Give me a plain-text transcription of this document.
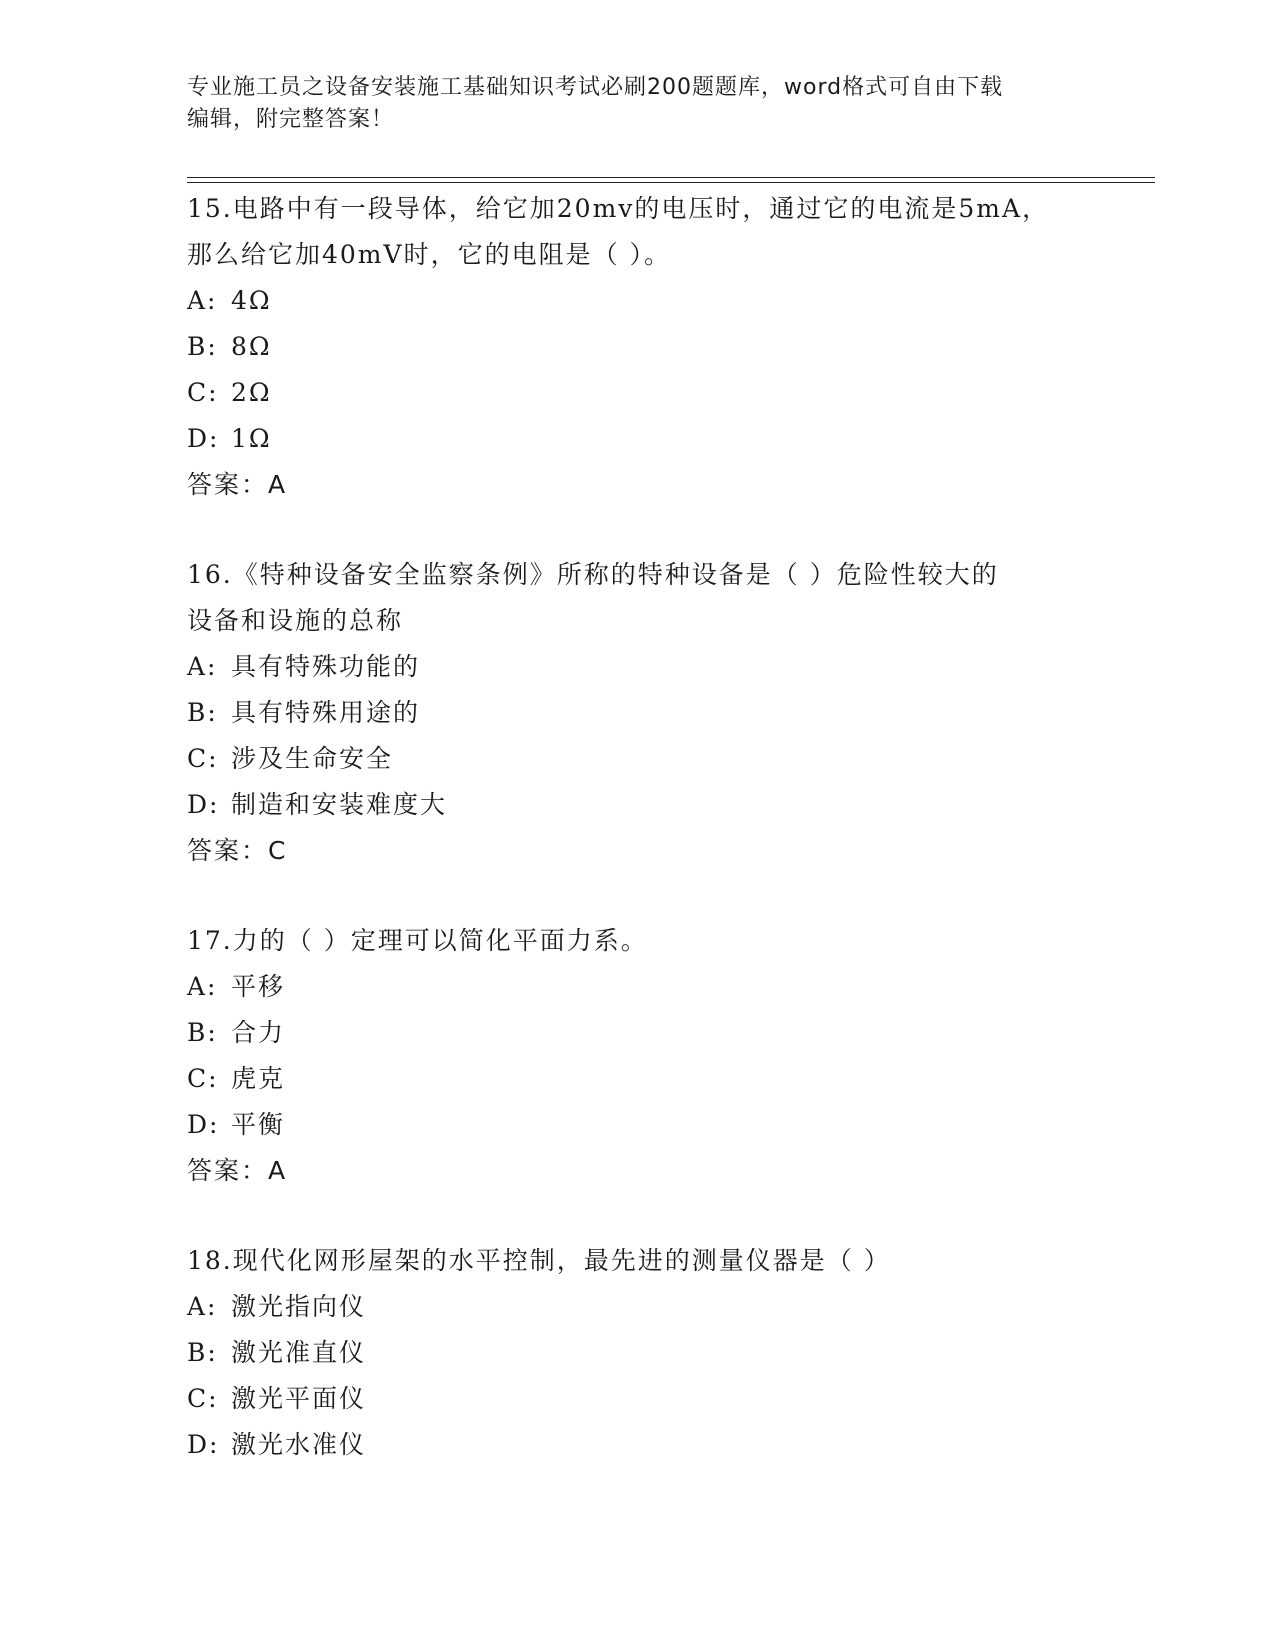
专业施工员之设备安装施工基础知识考试必刷200题题库，word格式可自由下载
编辑，附完整答案！
15.电路中有一段导体，给它加20mv的电压时，通过它的电流是5mA，
那么给它加40mV时，它的电阻是（ ）。
A: 4Ω
B: 8Ω
C: 2Ω
D: 1Ω
答案：A
16.《特种设备安全监察条例》所称的特种设备是（ ）危险性较大的
设备和设施的总称
A: 具有特殊功能的
B: 具有特殊用途的
C: 涉及生命安全
D: 制造和安装难度大
答案：C
17.力的（ ）定理可以简化平面力系。
A: 平移
B: 合力
C: 虎克
D: 平衡
答案：A
18.现代化网形屋架的水平控制，最先进的测量仪器是（ ）
A: 激光指向仪
B: 激光准直仪
C: 激光平面仪
D: 激光水准仪
